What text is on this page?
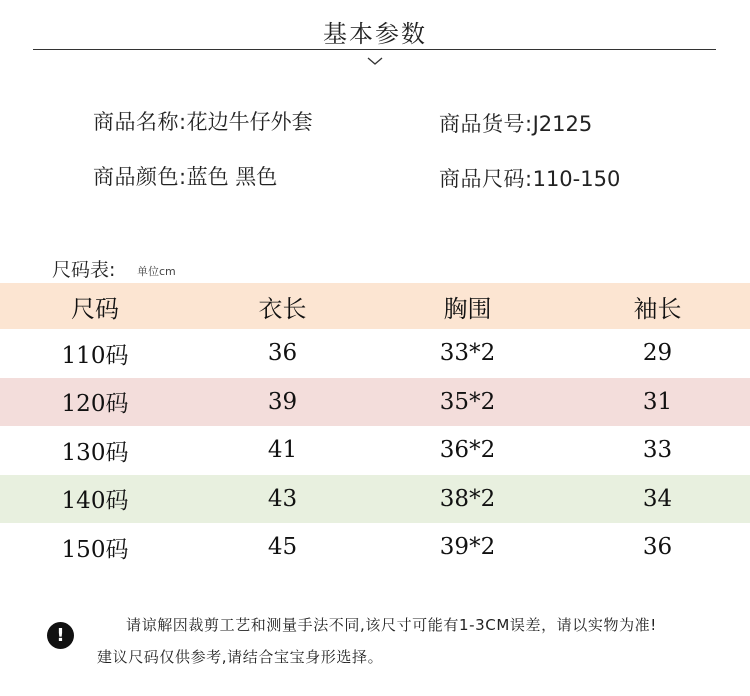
基本参数
商品名称:花边牛仔外套	商品货号:J2125
商品颜色:蓝色 黑色	商品尺码:110-150
尺码表: 单位cm
尺码	衣长	胸围	袖长
110码	36	33*2	29
120码	39	35*2	31
130码	41	36*2	33
140码	43	38*2	34
150码	45	39*2	36
!	请谅解因裁剪工艺和测量手法不同,该尺寸可能有1-3CM误差，请以实物为准!
建议尺码仅供参考,请结合宝宝身形选择。
